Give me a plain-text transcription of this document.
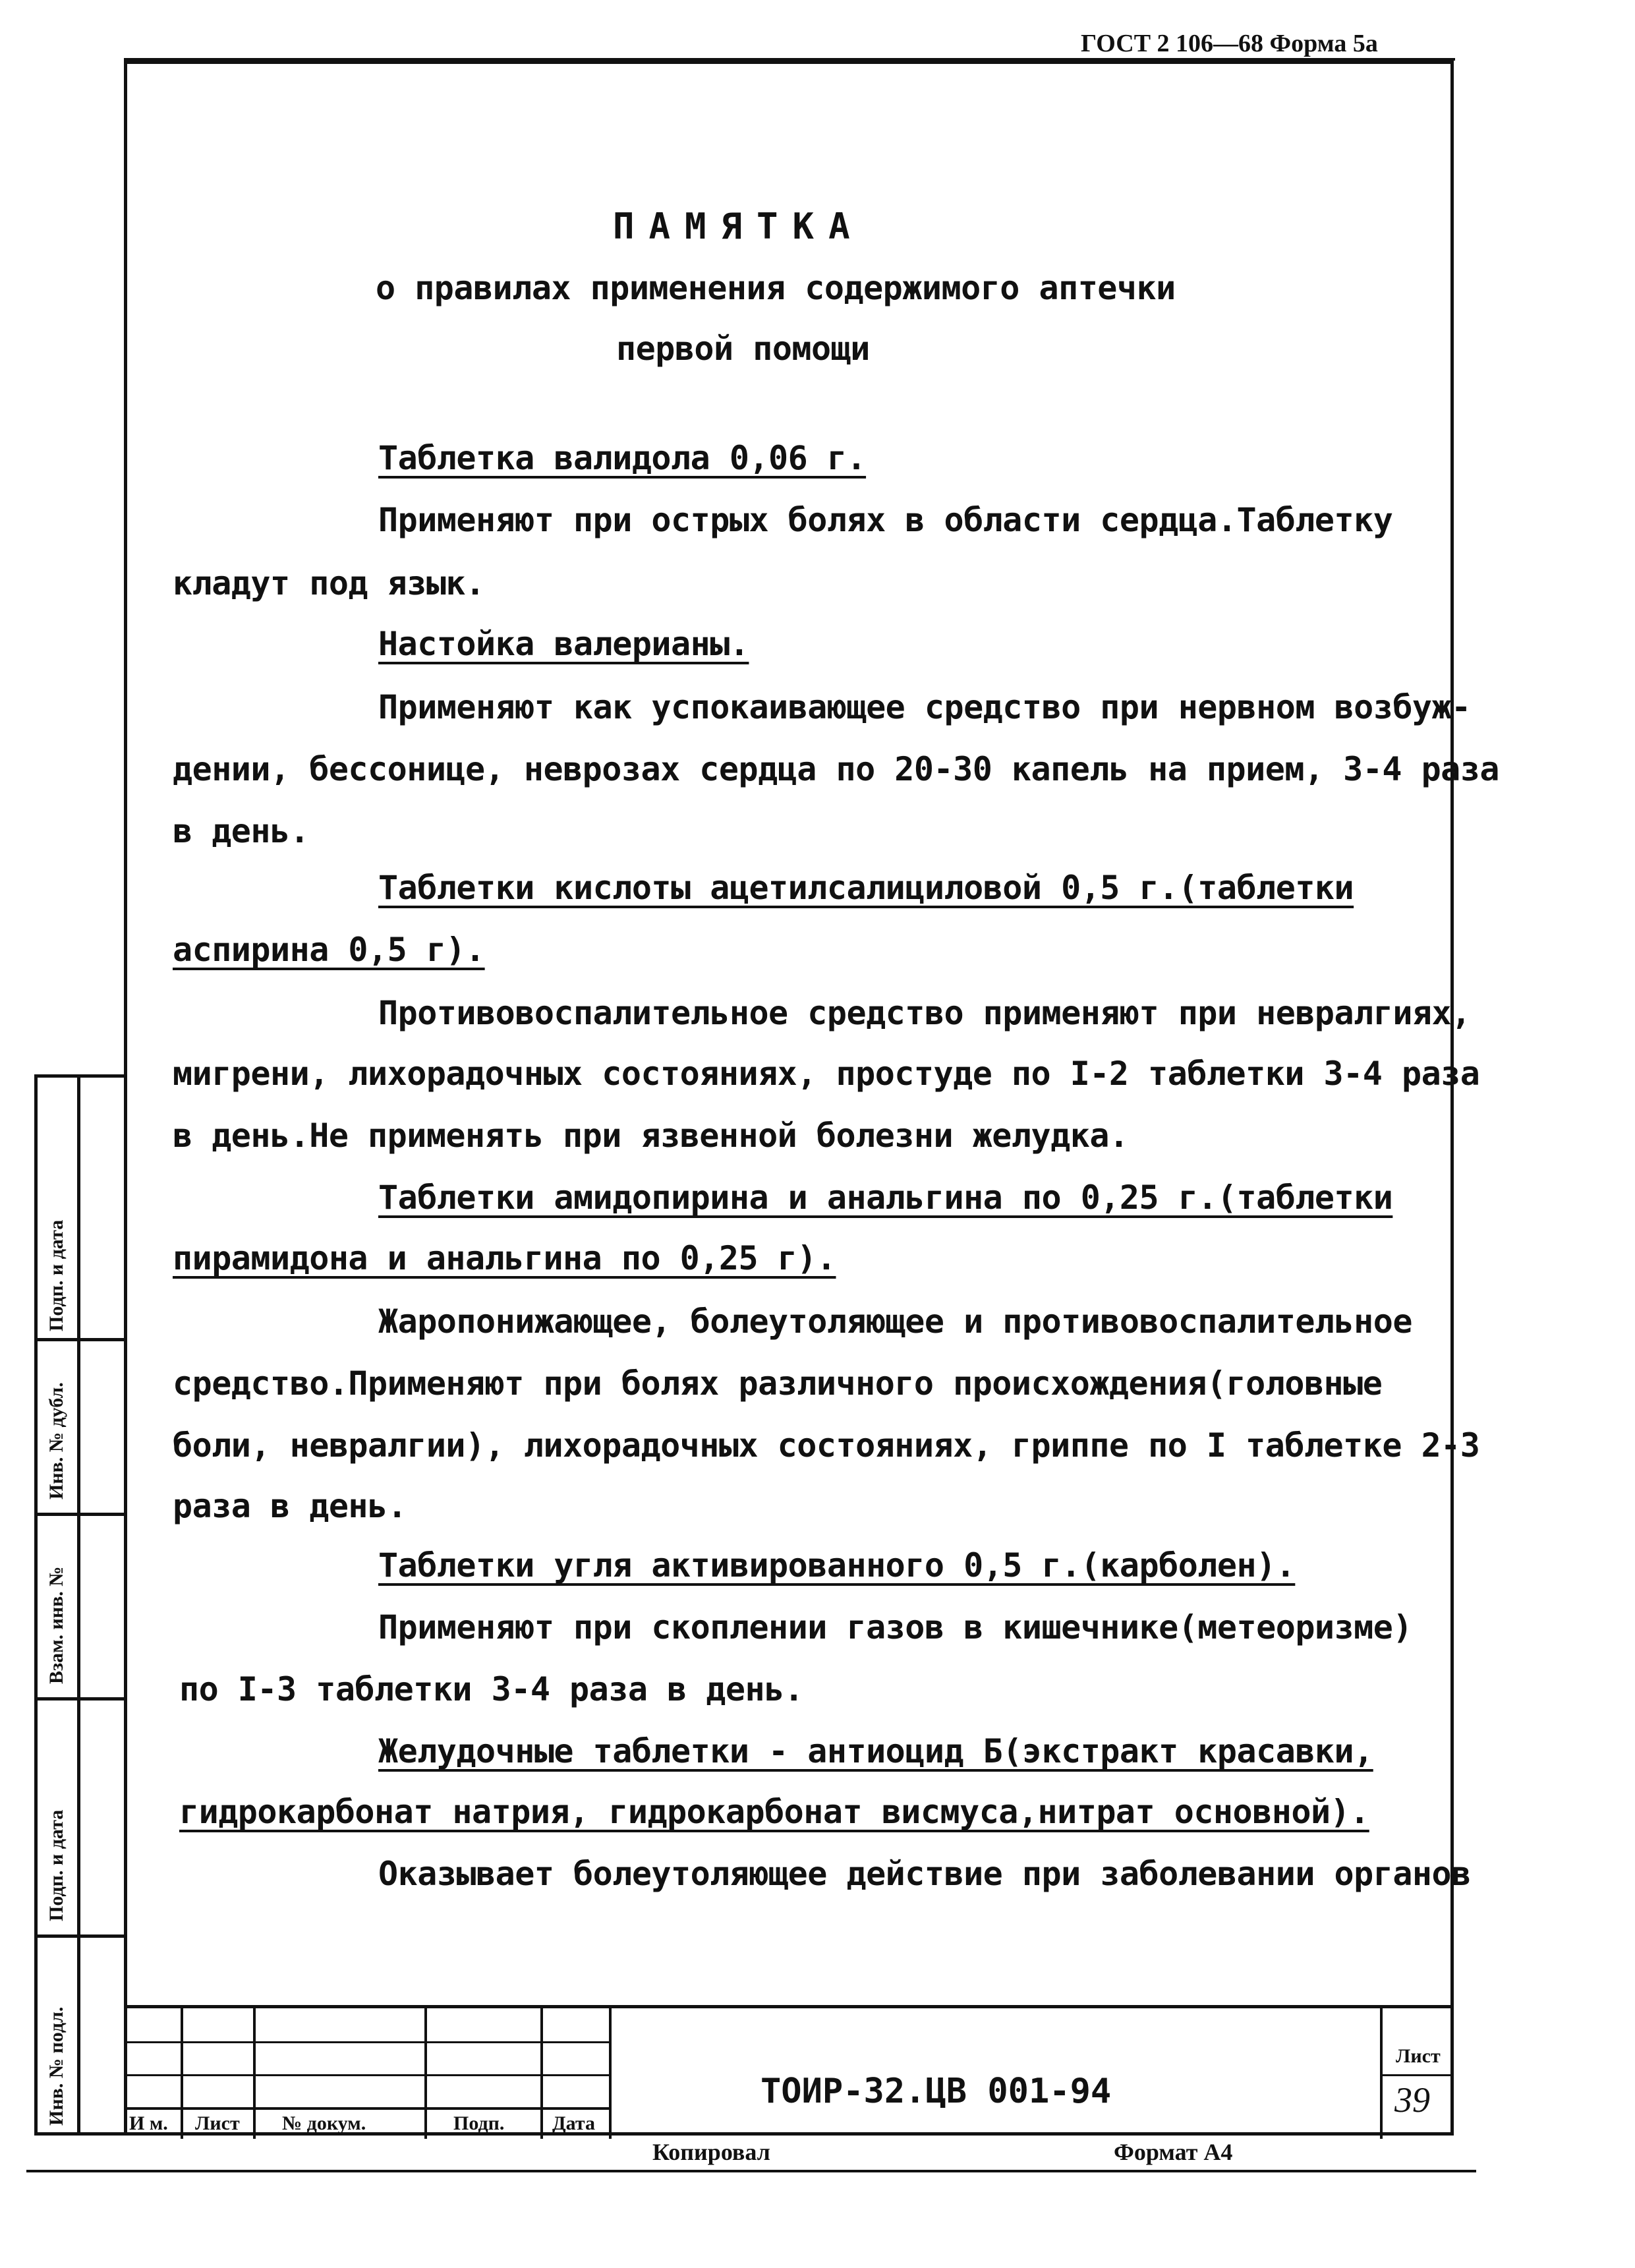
ГОСТ 2 106—68 Форма 5а
ПАМЯТКА
о правилах применения содержимого аптечки
первой помощи
Таблетка валидола 0,06 г.
Применяют при острых болях в области сердца.Таблетку
кладут под язык.
Настойка валерианы.
Применяют как успокаивающее средство при нервном возбуж-
дении, бессонице, неврозах сердца по 20-30 капель на прием, 3-4 раза
в день.
Таблетки кислоты ацетилсалициловой 0,5 г.(таблетки
аспирина 0,5 г).
Противовоспалительное средство применяют при невралгиях,
мигрени, лихорадочных состояниях, простуде по I-2 таблетки 3-4 раза
в день.Не применять при язвенной болезни желудка.
Таблетки амидопирина и анальгина по 0,25 г.(таблетки
пирамидона и анальгина по 0,25 г).
Жаропонижающее, болеутоляющее и противовоспалительное
средство.Применяют при болях различного происхождения(головные
боли, невралгии), лихорадочных состояниях, гриппе по I таблетке 2-3
раза в день.
Таблетки угля активированного 0,5 г.(карболен).
Применяют при скоплении газов в кишечнике(метеоризме)
по I-3 таблетки 3-4 раза в день.
Желудочные таблетки - антиоцид Б(экстракт красавки,
гидрокарбонат натрия, гидрокарбонат висмуса,нитрат основной).
Оказывает болеутоляющее действие при заболевании органов
Инв. № подл.
Подп. и дата
Взам. инв. №
Инв. № дубл.
Подп. и дата
И м. Лист № докум.	Подп. Дата
ТОИР-32.ЦВ 001-94
Лист
39
Копировал	Формат А4
